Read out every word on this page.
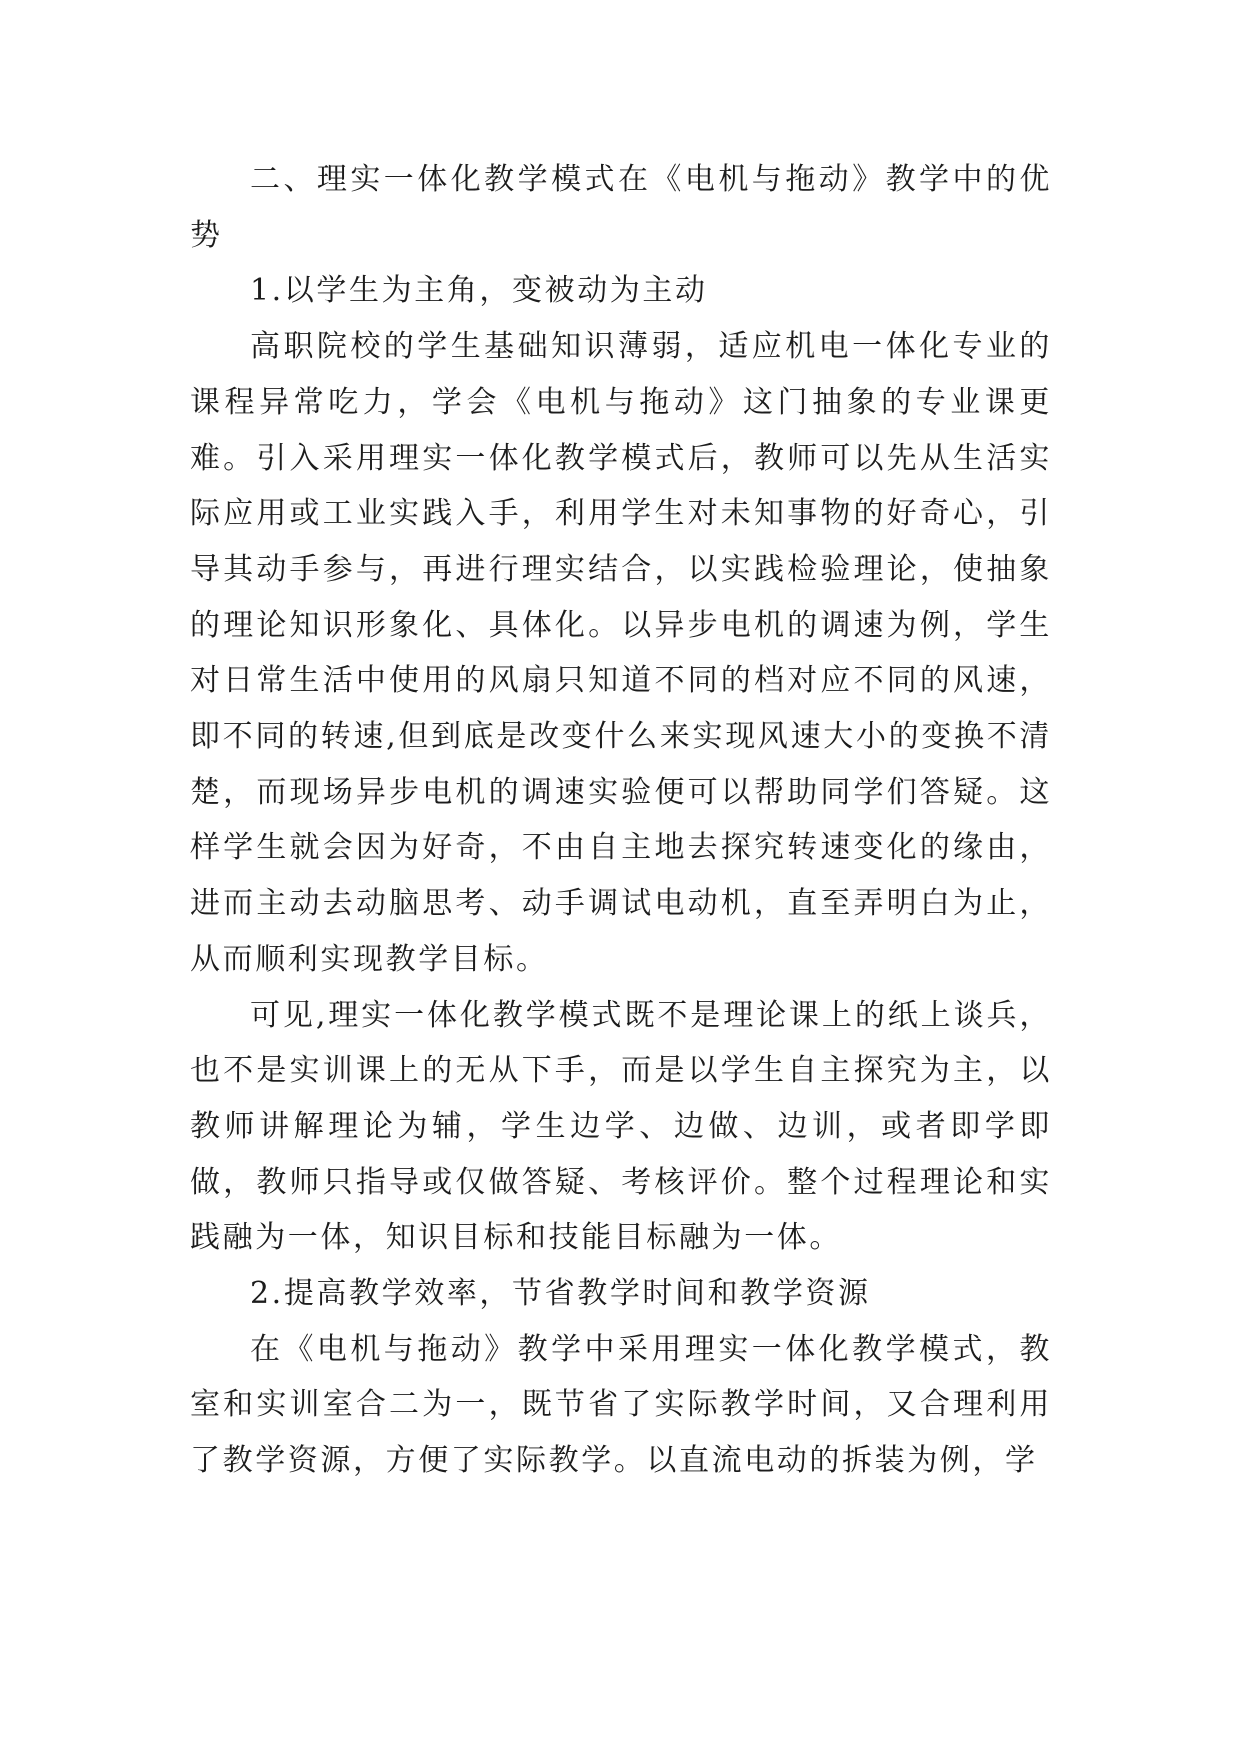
二、理实一体化教学模式在《电机与拖动》教学中的优势

1.以学生为主角，变被动为主动

高职院校的学生基础知识薄弱，适应机电一体化专业的课程异常吃力，学会《电机与拖动》这门抽象的专业课更难。引入采用理实一体化教学模式后，教师可以先从生活实际应用或工业实践入手，利用学生对未知事物的好奇心，引导其动手参与，再进行理实结合，以实践检验理论，使抽象的理论知识形象化、具体化。以异步电机的调速为例，学生对日常生活中使用的风扇只知道不同的档对应不同的风速，即不同的转速,但到底是改变什么来实现风速大小的变换不清楚，而现场异步电机的调速实验便可以帮助同学们答疑。这样学生就会因为好奇，不由自主地去探究转速变化的缘由，进而主动去动脑思考、动手调试电动机，直至弄明白为止，从而顺利实现教学目标。

可见,理实一体化教学模式既不是理论课上的纸上谈兵，也不是实训课上的无从下手，而是以学生自主探究为主，以教师讲解理论为辅，学生边学、边做、边训，或者即学即做，教师只指导或仅做答疑、考核评价。整个过程理论和实践融为一体，知识目标和技能目标融为一体。

2.提高教学效率，节省教学时间和教学资源

在《电机与拖动》教学中采用理实一体化教学模式，教室和实训室合二为一，既节省了实际教学时间，又合理利用了教学资源，方便了实际教学。以直流电动的拆装为例，学
